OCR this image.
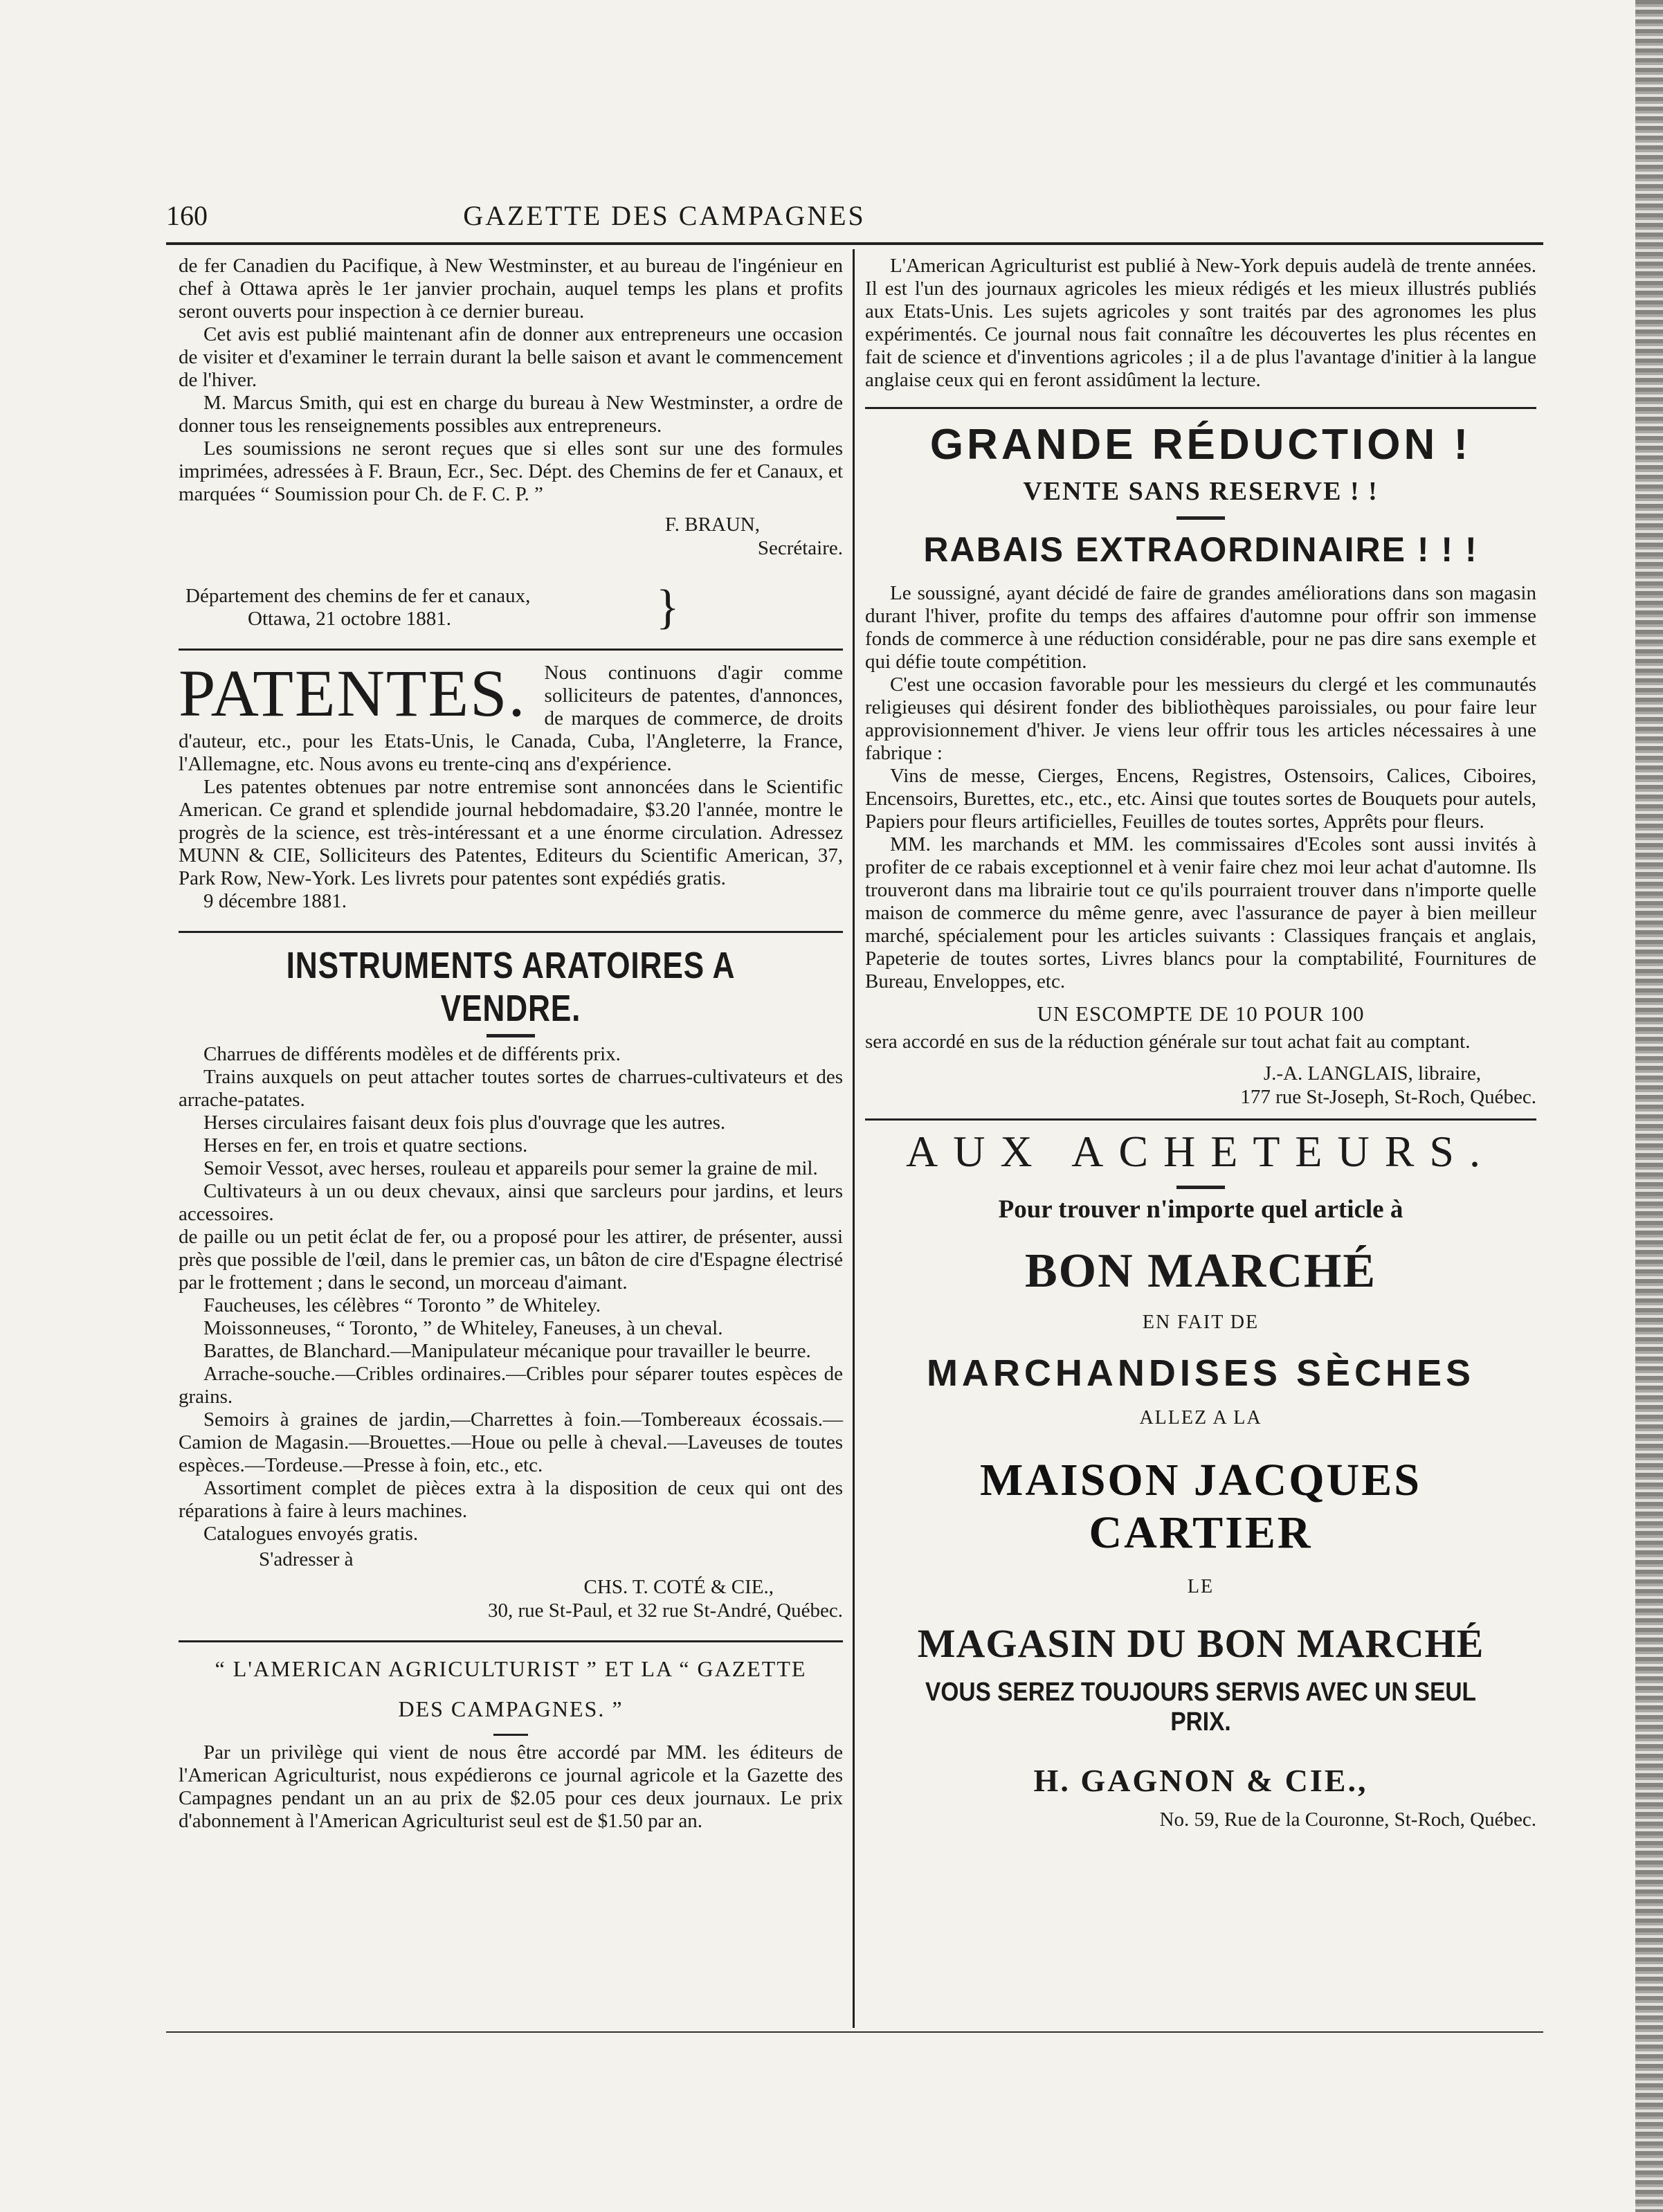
160	GAZETTE DES CAMPAGNES

de fer Canadien du Pacifique, à New Westminster, et au bureau de l'ingénieur en chef à Ottawa après le 1er janvier prochain, auquel temps les plans et profits seront ouverts pour inspection à ce dernier bureau.

Cet avis est publié maintenant afin de donner aux entrepreneurs une occasion de visiter et d'examiner le terrain durant la belle saison et avant le commencement de l'hiver.

M. Marcus Smith, qui est en charge du bureau à New Westminster, a ordre de donner tous les renseignements possibles aux entrepreneurs.

Les soumissions ne seront reçues que si elles sont sur une des formules imprimées, adressées à F. Braun, Ecr., Sec. Dépt. des Chemins de fer et Canaux, et marquées “ Soumission pour Ch. de F. C. P. ”

F. BRAUN,
Secrétaire.
Département des chemins de fer et canaux,
Ottawa, 21 octobre 1881.	}
PATENTES. Nous continuons d'agir comme solliciteurs de patentes, d'annonces, de marques de commerce, de droits d'auteur, etc., pour les Etats-Unis, le Canada, Cuba, l'Angleterre, la France, l'Allemagne, etc. Nous avons eu trente-cinq ans d'expérience.

Les patentes obtenues par notre entremise sont annoncées dans le Scientific American. Ce grand et splendide journal hebdomadaire, $3.20 l'année, montre le progrès de la science, est très-intéressant et a une énorme circulation. Adressez MUNN & CIE, Solliciteurs des Patentes, Editeurs du Scientific American, 37, Park Row, New-York. Les livrets pour patentes sont expédiés gratis.

9 décembre 1881.

INSTRUMENTS ARATOIRES A VENDRE.

Charrues de différents modèles et de différents prix.

Trains auxquels on peut attacher toutes sortes de charrues-cultivateurs et des arrache-patates.

Herses circulaires faisant deux fois plus d'ouvrage que les autres.

Herses en fer, en trois et quatre sections.

Semoir Vessot, avec herses, rouleau et appareils pour semer la graine de mil.

Cultivateurs à un ou deux chevaux, ainsi que sarcleurs pour jardins, et leurs accessoires.

de paille ou un petit éclat de fer, ou a proposé pour les attirer, de présenter, aussi près que possible de l'œil, dans le premier cas, un bâton de cire d'Espagne électrisé par le frottement ; dans le second, un morceau d'aimant.

Faucheuses, les célèbres “ Toronto ” de Whiteley.

Moissonneuses, “ Toronto, ” de Whiteley, Faneuses, à un cheval.

Barattes, de Blanchard.—Manipulateur mécanique pour travailler le beurre.

Arrache-souche.—Cribles ordinaires.—Cribles pour séparer toutes espèces de grains.

Semoirs à graines de jardin,—Charrettes à foin.—Tombereaux écossais.—Camion de Magasin.—Brouettes.—Houe ou pelle à cheval.—Laveuses de toutes espèces.—Tordeuse.—Presse à foin, etc., etc.

Assortiment complet de pièces extra à la disposition de ceux qui ont des réparations à faire à leurs machines.

Catalogues envoyés gratis.

S'adresser à

CHS. T. COTÉ & CIE.,
30, rue St-Paul, et 32 rue St-André, Québec.
“ L'AMERICAN AGRICULTURIST ” ET LA “ GAZETTE
DES CAMPAGNES. ”

Par un privilège qui vient de nous être accordé par MM. les éditeurs de l'American Agriculturist, nous expédierons ce journal agricole et la Gazette des Campagnes pendant un an au prix de $2.05 pour ces deux journaux. Le prix d'abonnement à l'American Agriculturist seul est de $1.50 par an.

L'American Agriculturist est publié à New-York depuis audelà de trente années. Il est l'un des journaux agricoles les mieux rédigés et les mieux illustrés publiés aux Etats-Unis. Les sujets agricoles y sont traités par des agronomes les plus expérimentés. Ce journal nous fait connaître les découvertes les plus récentes en fait de science et d'inventions agricoles ; il a de plus l'avantage d'initier à la langue anglaise ceux qui en feront assidûment la lecture.

GRANDE RÉDUCTION !
VENTE SANS RESERVE ! !
RABAIS EXTRAORDINAIRE ! ! !

Le soussigné, ayant décidé de faire de grandes améliorations dans son magasin durant l'hiver, profite du temps des affaires d'automne pour offrir son immense fonds de commerce à une réduction considérable, pour ne pas dire sans exemple et qui défie toute compétition.

C'est une occasion favorable pour les messieurs du clergé et les communautés religieuses qui désirent fonder des bibliothèques paroissiales, ou pour faire leur approvisionnement d'hiver. Je viens leur offrir tous les articles nécessaires à une fabrique :

Vins de messe, Cierges, Encens, Registres, Ostensoirs, Calices, Ciboires, Encensoirs, Burettes, etc., etc., etc. Ainsi que toutes sortes de Bouquets pour autels, Papiers pour fleurs artificielles, Feuilles de toutes sortes, Apprêts pour fleurs.

MM. les marchands et MM. les commissaires d'Ecoles sont aussi invités à profiter de ce rabais exceptionnel et à venir faire chez moi leur achat d'automne. Ils trouveront dans ma librairie tout ce qu'ils pourraient trouver dans n'importe quelle maison de commerce du même genre, avec l'assurance de payer à bien meilleur marché, spécialement pour les articles suivants : Classiques français et anglais, Papeterie de toutes sortes, Livres blancs pour la comptabilité, Fournitures de Bureau, Enveloppes, etc.

UN ESCOMPTE DE 10 POUR 100

sera accordé en sus de la réduction générale sur tout achat fait au comptant.

J.-A. LANGLAIS, libraire,
177 rue St-Joseph, St-Roch, Québec.
AUX ACHETEURS.
Pour trouver n'importe quel article à
BON MARCHÉ
EN FAIT DE
MARCHANDISES SÈCHES
ALLEZ A LA
MAISON JACQUES CARTIER
LE
MAGASIN DU BON MARCHÉ
VOUS SEREZ TOUJOURS SERVIS AVEC UN SEUL PRIX.
H. GAGNON & CIE.,
No. 59, Rue de la Couronne, St-Roch, Québec.
